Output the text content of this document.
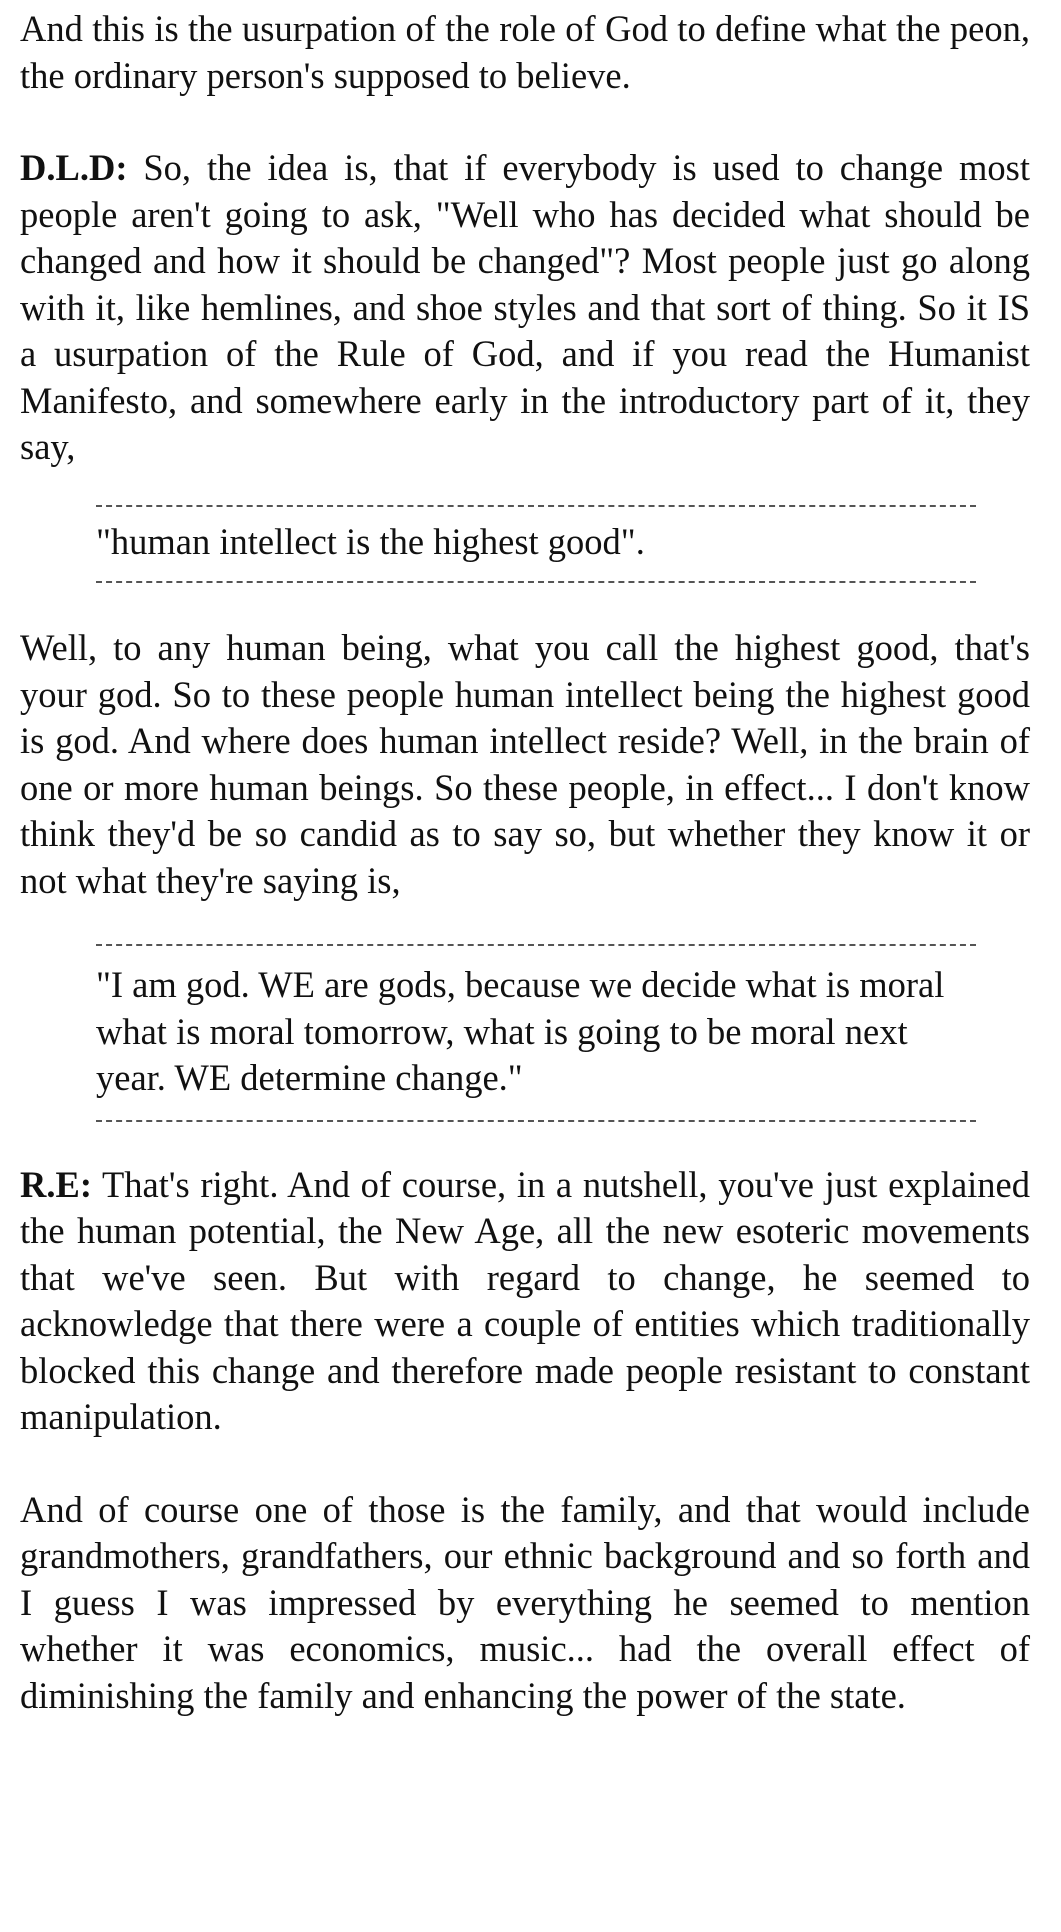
And this is the usurpation of the role of God to define what the peon, the ordinary person's supposed to believe.

D.L.D: So, the idea is, that if everybody is used to change most people aren't going to ask, "Well who has decided what should be changed and how it should be changed"? Most people just go along with it, like hemlines, and shoe styles and that sort of thing. So it IS a usurpation of the Rule of God, and if you read the Humanist Manifesto, and somewhere early in the introductory part of it, they say,

"human intellect is the highest good".

Well, to any human being, what you call the highest good, that's your god. So to these people human intellect being the highest good is god. And where does human intellect reside? Well, in the brain of one or more human beings. So these people, in effect... I don't know think they'd be so candid as to say so, but whether they know it or not what they're saying is,

"I am god. WE are gods, because we decide what is moral what is moral tomorrow, what is going to be moral next year. WE determine change."

R.E: That's right. And of course, in a nutshell, you've just explained the human potential, the New Age, all the new esoteric movements that we've seen. But with regard to change, he seemed to acknowledge that there were a couple of entities which traditionally blocked this change and therefore made people resistant to constant manipulation.

And of course one of those is the family, and that would include grandmothers, grandfathers, our ethnic background and so forth and I guess I was impressed by everything he seemed to mention whether it was economics, music... had the overall effect of diminishing the family and enhancing the power of the state.
